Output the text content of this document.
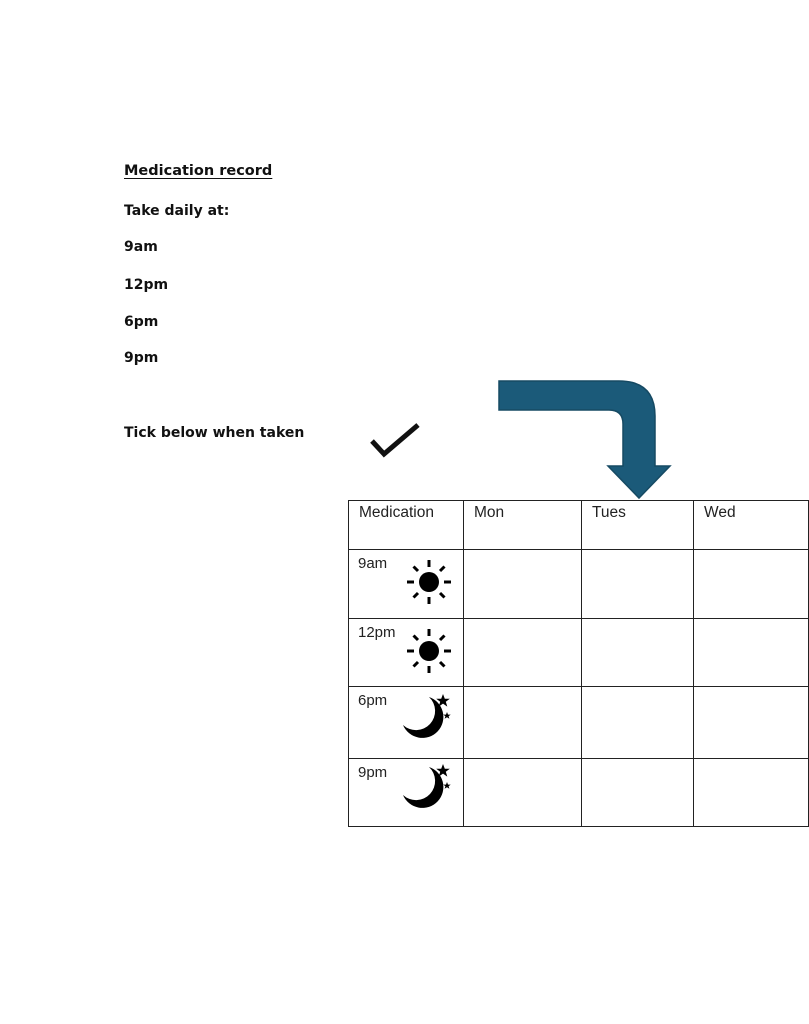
Medication record
Take daily at:
9am
12pm
6pm
9pm
Tick below when taken
Medication	Mon	Tues	Wed

9am			

12pm			

6pm			

9pm			
